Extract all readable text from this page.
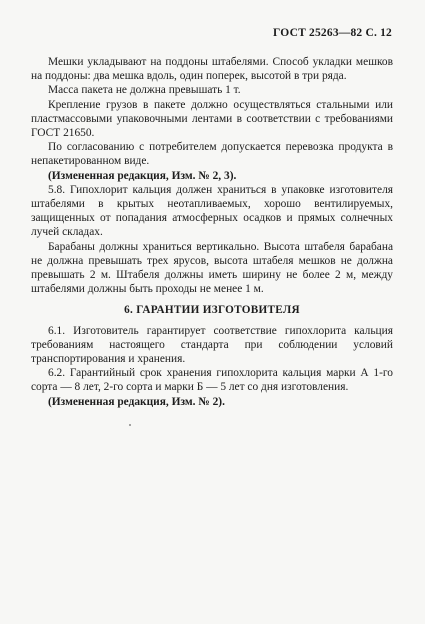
ГОСТ 25263—82 С. 12

Мешки укладывают на поддоны штабелями. Способ укладки мешков на поддоны: два мешка вдоль, один поперек, высотой в три ряда.

Масса пакета не должна превышать 1 т.

Крепление грузов в пакете должно осуществляться стальными или пластмассовыми упаковочными лентами в соответствии с требованиями ГОСТ 21650.

По согласованию с потребителем допускается перевозка продукта в непакетированном виде.

(Измененная редакция, Изм. № 2, 3).

5.8. Гипохлорит кальция должен храниться в упаковке изготовителя штабелями в крытых неотапливаемых, хорошо вентилируемых, защищенных от попадания атмосферных осадков и прямых солнечных лучей складах.

Барабаны должны храниться вертикально. Высота штабеля барабана не должна превышать трех ярусов, высота штабеля мешков не должна превышать 2 м. Штабеля должны иметь ширину не более 2 м, между штабелями должны быть проходы не менее 1 м.

6. ГАРАНТИИ ИЗГОТОВИТЕЛЯ

6.1. Изготовитель гарантирует соответствие гипохлорита кальция требованиям настоящего стандарта при соблюдении условий транспортирования и хранения.

6.2. Гарантийный срок хранения гипохлорита кальция марки А 1-го сорта — 8 лет, 2-го сорта и марки Б — 5 лет со дня изготовления.

(Измененная редакция, Изм. № 2).
